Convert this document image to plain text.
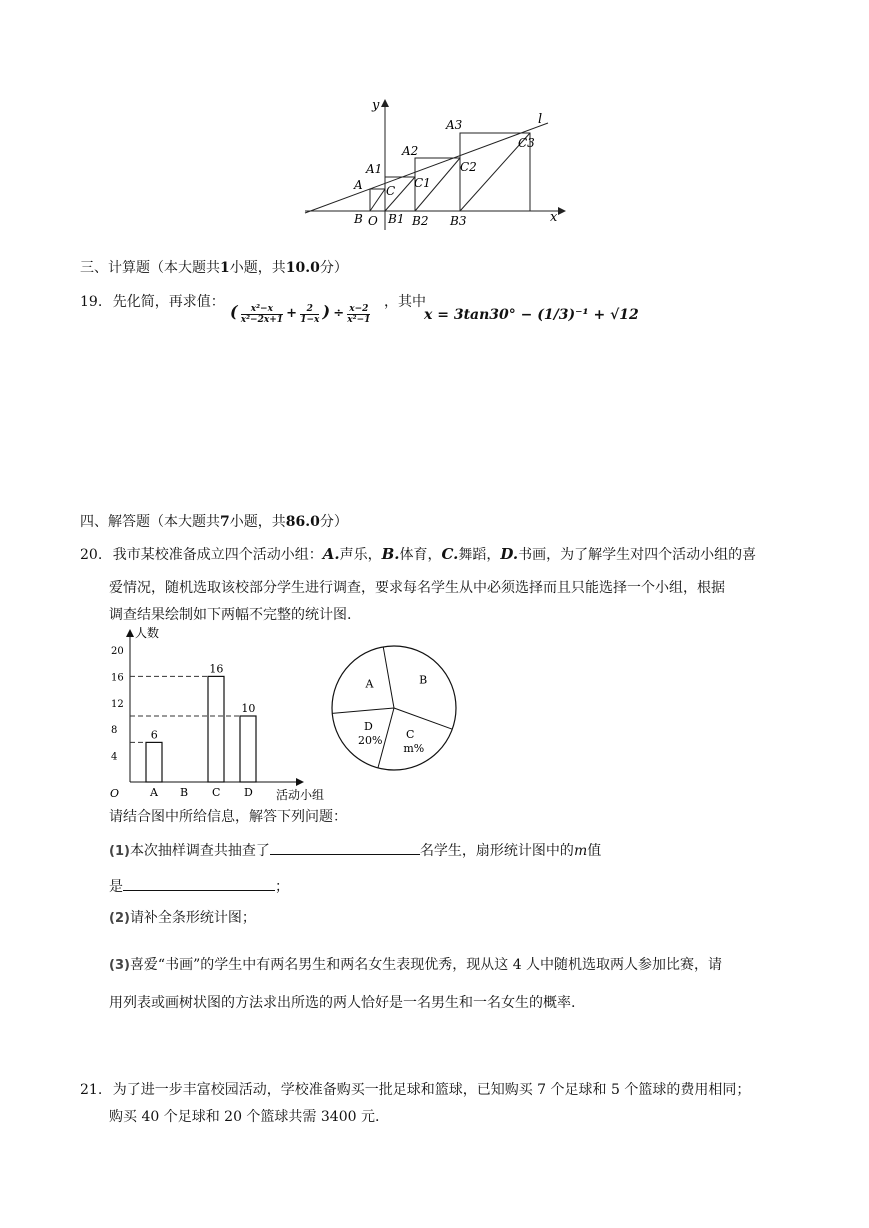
y
l
A3
A2
A1
A C
C1
C2
C3
B O B1 B2 B3	x
三、计算题（本大题共1小题，共10.0分）
19. 先化简，再求值： ( $\frac{\text{x²−x}}{\text{x²−2x+1}} + \frac{2}{1-x}$ ) ÷ $\frac{x-2}{\text{x²−1}}$
，其中
x = 3tan30° − (1/3)⁻¹ + √12
四、解答题（本大题共7小题，共86.0分）
20. 我市某校准备成立四个活动小组：A.声乐，B.体育，C.舞蹈，D.书画，为了解学生对四个活动小组的喜
爱情况，随机选取该校部分学生进行调查，要求每名学生从中必须选择而且只能选择一个小组，根据
调查结果绘制如下两幅不完整的统计图.
人数
活动小组
O
4
8
12
16
20
A
6
B C
16
D
10
A	B
C
m%
D
20%
请结合图中所给信息，解答下列问题：
(1)本次抽样调查共抽查了	名学生，扇形统计图中的m值
是	；
(2)请补全条形统计图；
(3)喜爱“书画”的学生中有两名男生和两名女生表现优秀，现从这 4 人中随机选取两人参加比赛，请
用列表或画树状图的方法求出所选的两人恰好是一名男生和一名女生的概率.
21. 为了进一步丰富校园活动，学校准备购买一批足球和篮球，已知购买 7 个足球和 5 个篮球的费用相同；
购买 40 个足球和 20 个篮球共需 3400 元.
